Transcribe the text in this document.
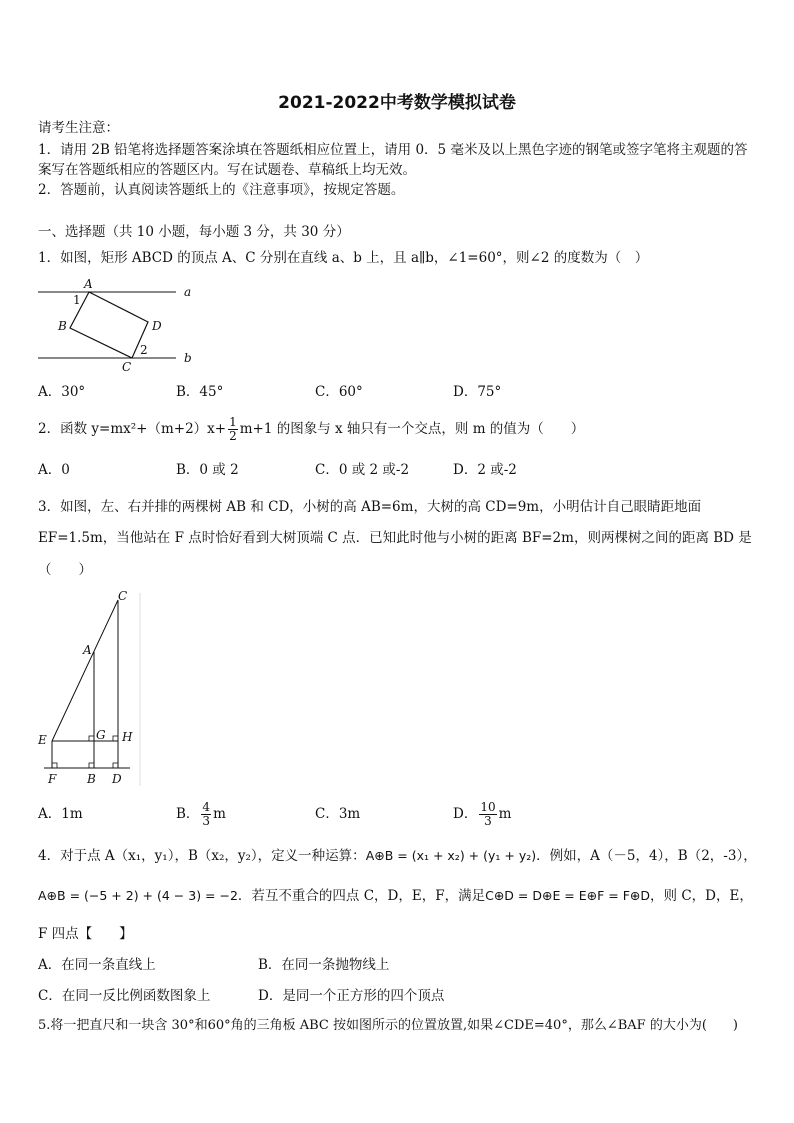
2021-2022中考数学模拟试卷
请考生注意：
1．请用 2B 铅笔将选择题答案涂填在答题纸相应位置上，请用 0．5 毫米及以上黑色字迹的钢笔或签字笔将主观题的答
案写在答题纸相应的答题区内。写在试题卷、草稿纸上均无效。
2．答题前，认真阅读答题纸上的《注意事项》，按规定答题。
一、选择题（共 10 小题，每小题 3 分，共 30 分）
1．如图，矩形 ABCD 的顶点 A、C 分别在直线 a、b 上，且 a∥b，∠1=60°，则∠2 的度数为（　）
A
B
C
D
a
b
1
2
A．30°	B．45°	C．60°	D．75°
2．函数 $y=mx^2+(m+2)x+ \frac{1}{2} m+1$ 的图象与 x 轴只有一个交点，则 m 的值为（　　）
A．0	B．0 或 2	C．0 或 2 或-2	D．2 或-2
3．如图，左、右并排的两棵树 AB 和 CD，小树的高 AB=6m，大树的高 CD=9m，小明估计自己眼睛距地面
EF=1.5m，当他站在 F 点时恰好看到大树顶端 C 点．已知此时他与小树的距离 BF=2m，则两棵树之间的距离 BD 是
（　　）
C
A
E	G H
F	B D
A．1m	B． $\frac{4}{3}$ m	C．3m	D． $\frac{10}{3}$ m
4．对于点 A（x₁，y₁），B（x₂，y₂），定义一种运算：A⊕B = (x₁ + x₂) + (y₁ + y₂)．例如，A（－5，4），B（2，-3），
A⊕B = (−5 + 2) + (4 − 3) = −2．若互不重合的四点 C，D，E，F，满足C⊕D = D⊕E = E⊕F = F⊕D，则 C，D，E，
F 四点【　　】
A．在同一条直线上	B．在同一条抛物线上
C．在同一反比例函数图象上	D．是同一个正方形的四个顶点
5.将一把直尺和一块含 30°和60°角的三角板 ABC 按如图所示的位置放置,如果∠CDE=40°，那么∠BAF 的大小为(　　)
